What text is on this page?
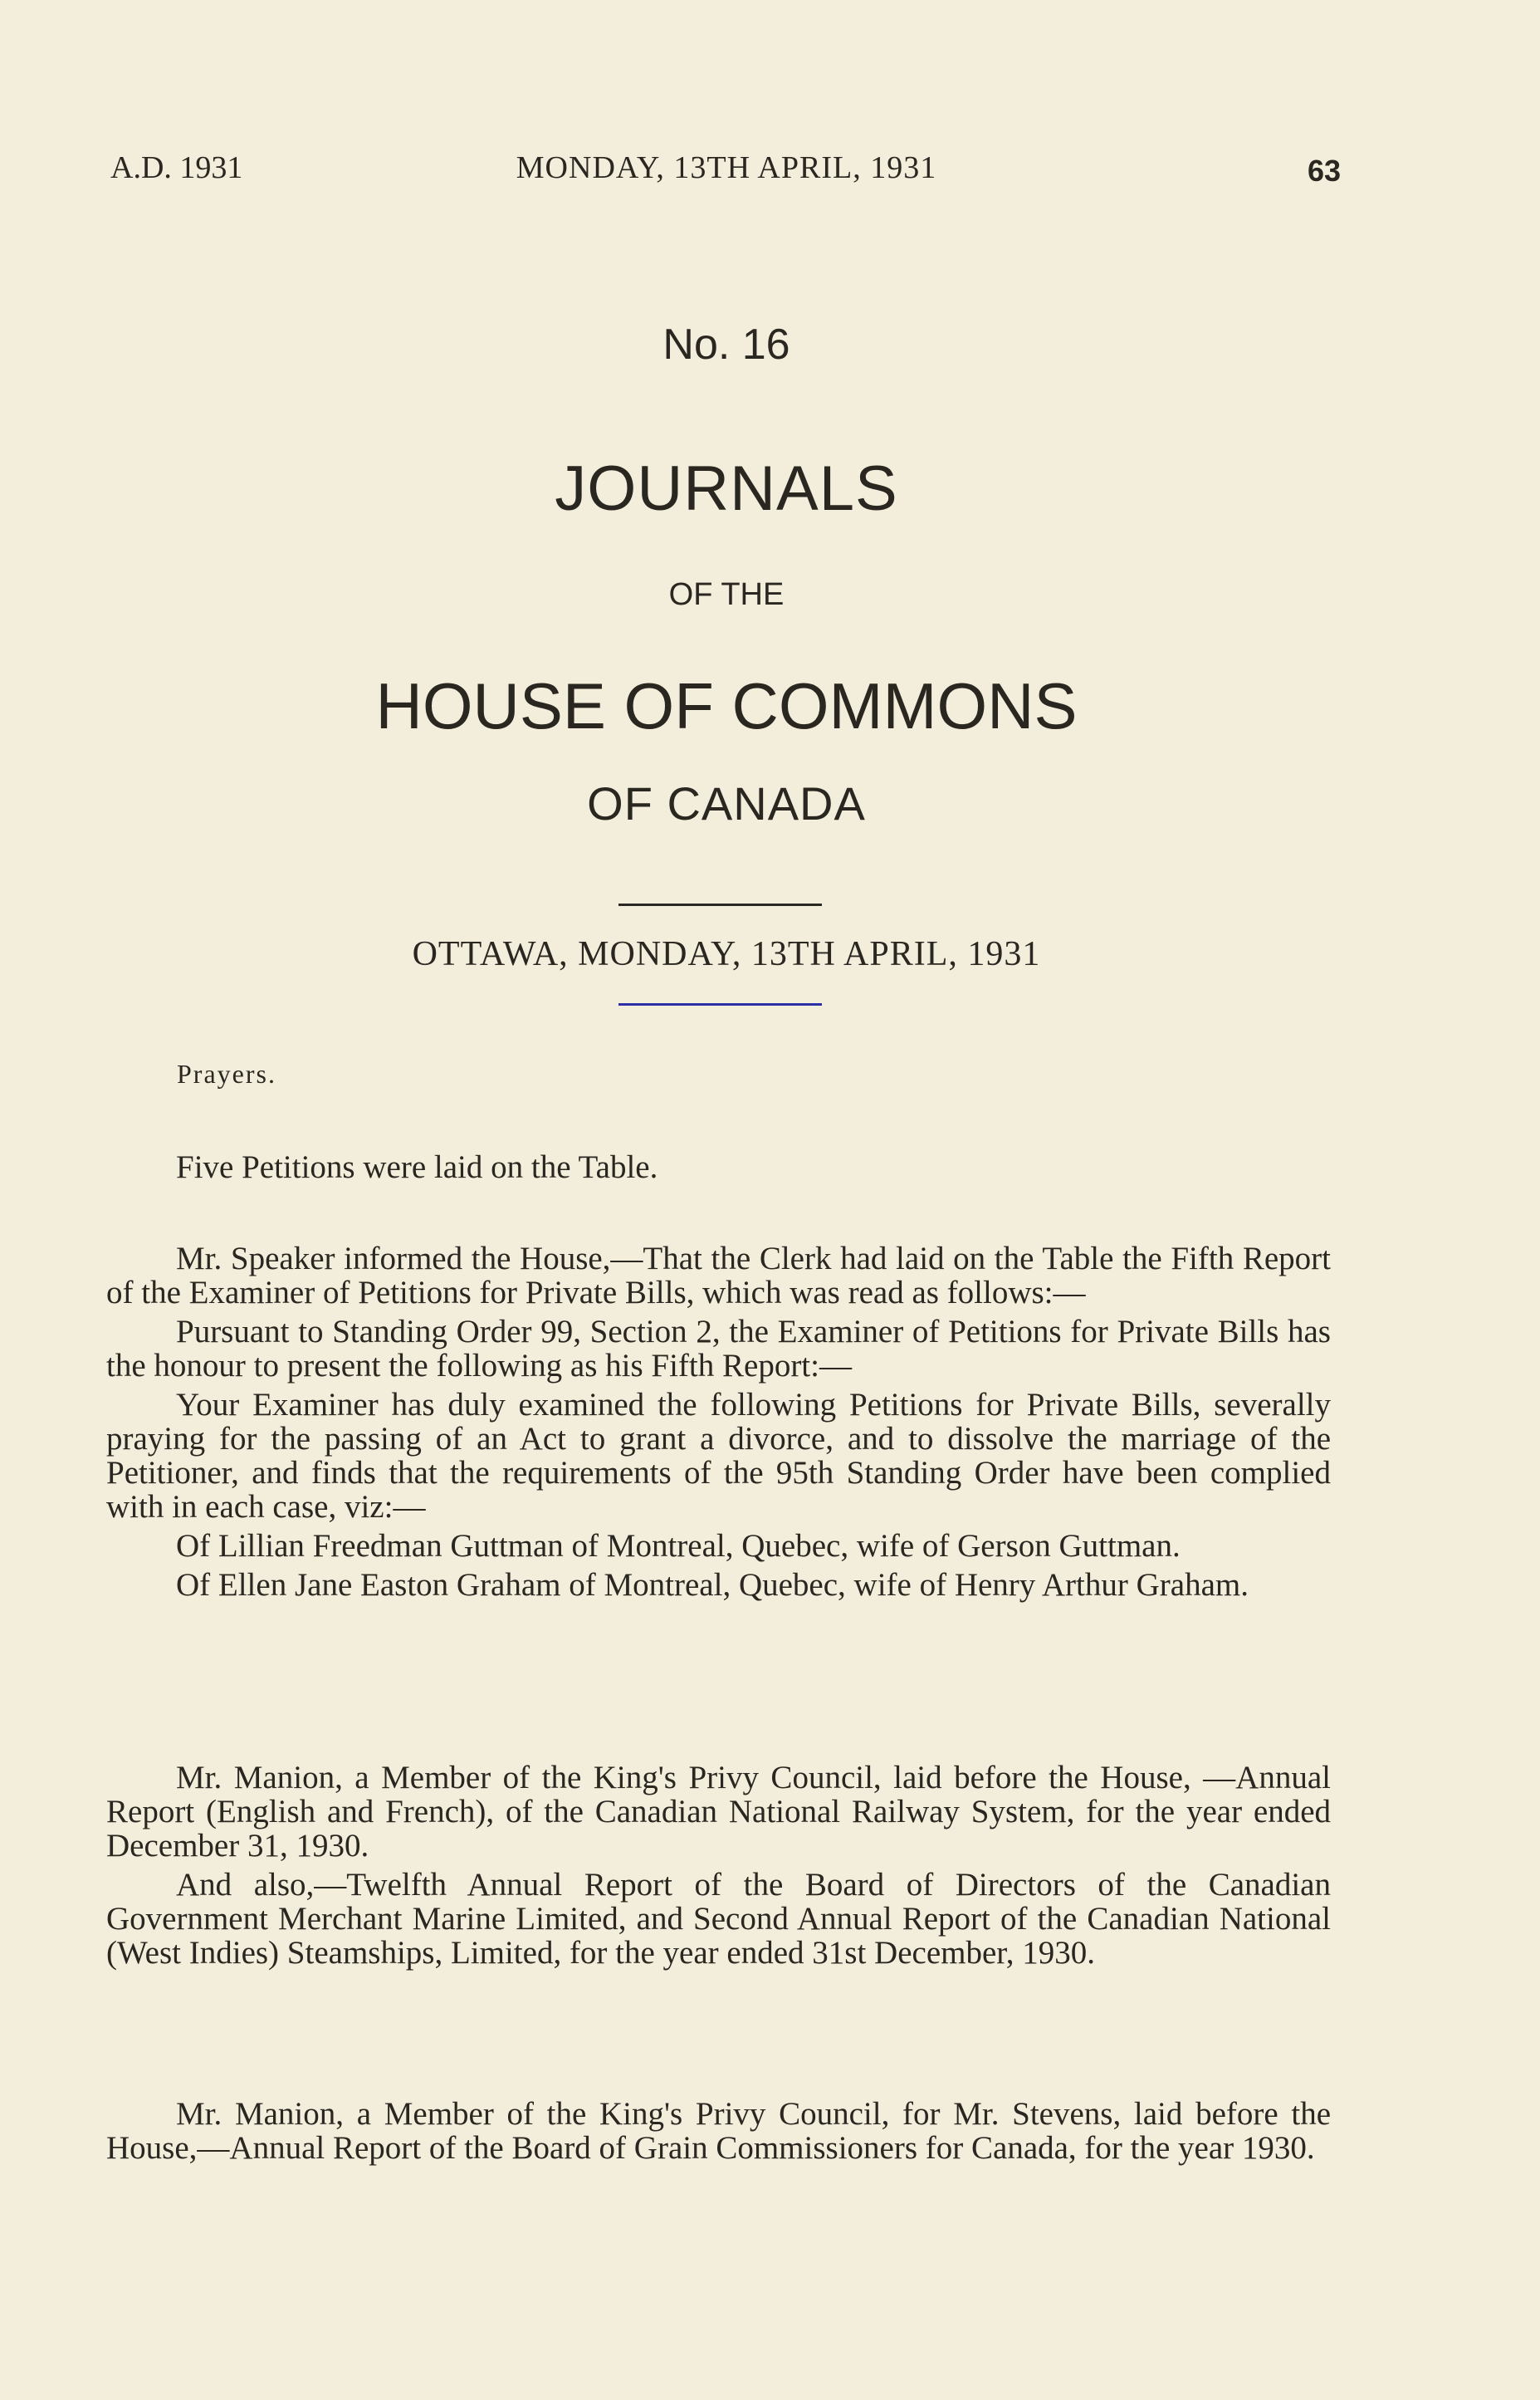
A.D. 1931	MONDAY, 13TH APRIL, 1931	63
No. 16
JOURNALS
OF THE
HOUSE OF COMMONS
OF CANADA
OTTAWA, MONDAY, 13TH APRIL, 1931
Prayers.

Five Petitions were laid on the Table.

Mr. Speaker informed the House,—That the Clerk had laid on the Table the Fifth Report of the Examiner of Petitions for Private Bills, which was read as follows:—

Pursuant to Standing Order 99, Section 2, the Examiner of Petitions for Private Bills has the honour to present the following as his Fifth Report:—

Your Examiner has duly examined the following Petitions for Private Bills, severally praying for the passing of an Act to grant a divorce, and to dissolve the marriage of the Petitioner, and finds that the requirements of the 95th Standing Order have been complied with in each case, viz:—

Of Lillian Freedman Guttman of Montreal, Quebec, wife of Gerson Guttman.

Of Ellen Jane Easton Graham of Montreal, Quebec, wife of Henry Arthur Graham.

Mr. Manion, a Member of the King's Privy Council, laid before the House, —Annual Report (English and French), of the Canadian National Railway System, for the year ended December 31, 1930.

And also,—Twelfth Annual Report of the Board of Directors of the Canadian Government Merchant Marine Limited, and Second Annual Report of the Canadian National (West Indies) Steamships, Limited, for the year ended 31st December, 1930.

Mr. Manion, a Member of the King's Privy Council, for Mr. Stevens, laid before the House,—Annual Report of the Board of Grain Commissioners for Canada, for the year 1930.
